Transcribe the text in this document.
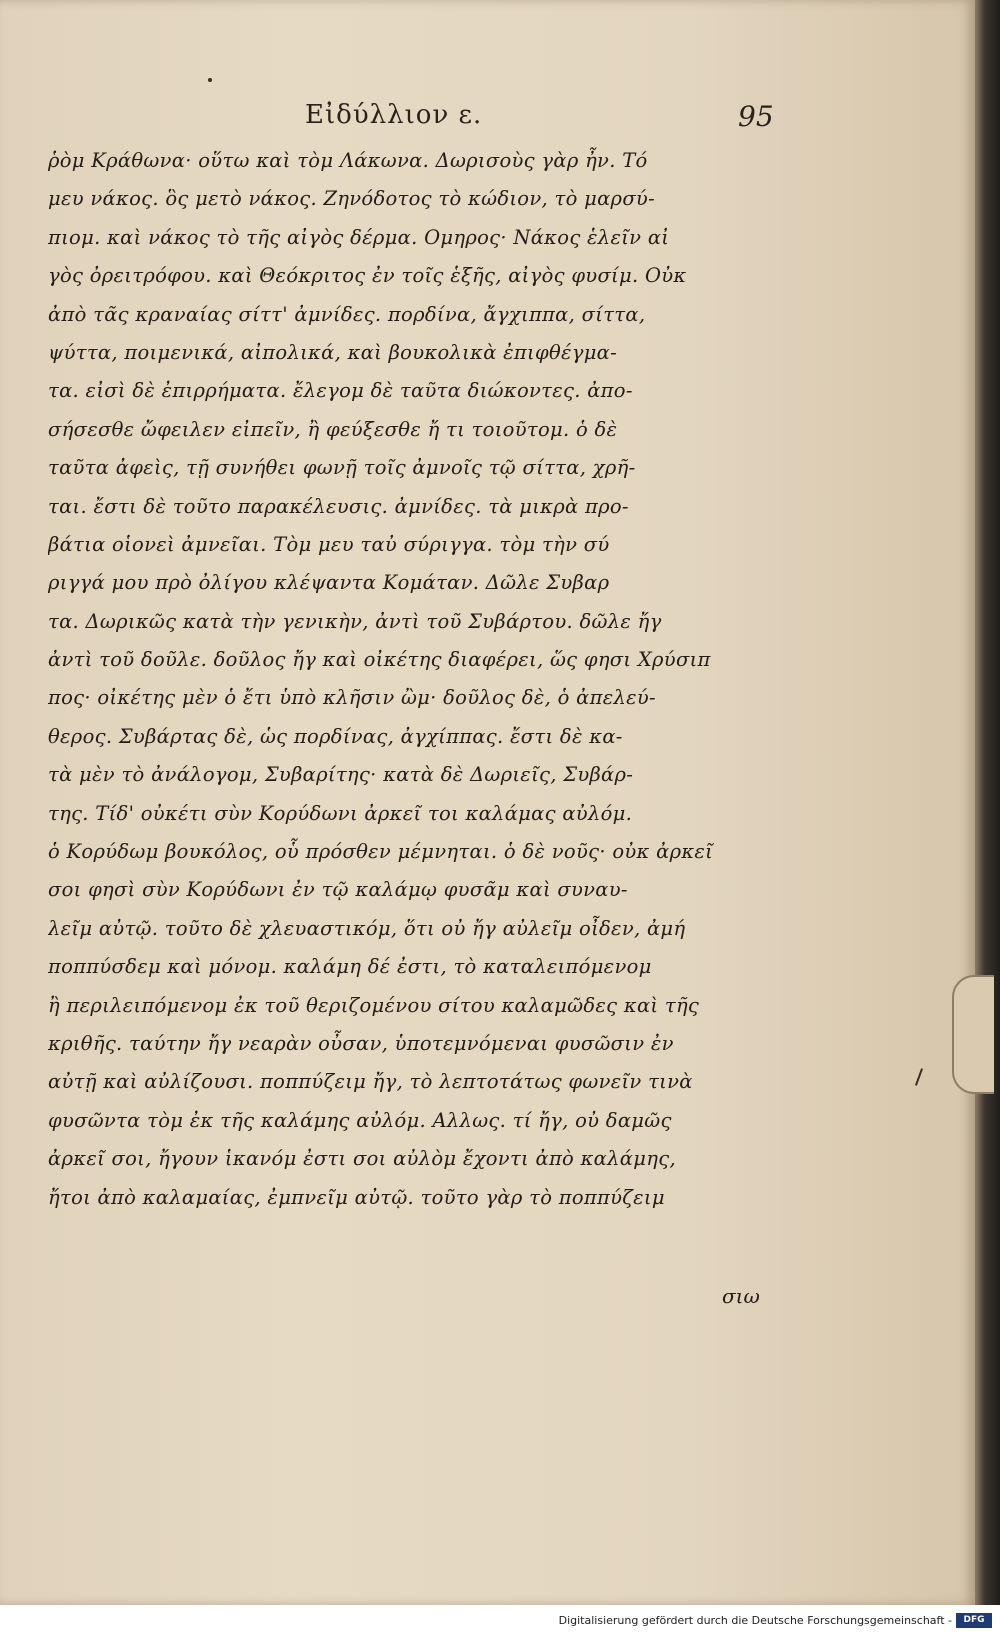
Εἰδύλλιον ε.	95
ῥὸμ Κράθωνα· οὕτω καὶ τὸμ Λάκωνα. Δωρισοὺς γὰρ ἦν. Τό
μευ νάκος. ὃς μετὸ νάκος. Ζηνόδοτος τὸ κώδιον, τὸ μαρσύ-
πιομ. καὶ νάκος τὸ τῆς αἰγὸς δέρμα. Ομηρος· Νάκος ἑλεῖν αἰ
γὸς ὀρειτρόφου. καὶ Θεόκριτος ἐν τοῖς ἑξῆς, αἰγὸς φυσίμ. Οὐκ
ἀπὸ τᾶς κραναίας σίττ' ἀμνίδες. πορδίνα, ἄγχιππα, σίττα,
ψύττα, ποιμενικά, αἰπολικά, καὶ βουκολικὰ ἐπιφθέγμα-
τα. εἰσὶ δὲ ἐπιρρήματα. ἔλεγομ δὲ ταῦτα διώκοντες. ἀπο-
σήσεσθε ὤφειλεν εἰπεῖν, ἢ φεύξεσθε ἤ τι τοιοῦτομ. ὁ δὲ
ταῦτα ἀφεὶς, τῇ συνήθει φωνῇ τοῖς ἀμνοῖς τῷ σίττα, χρῆ-
ται. ἔστι δὲ τοῦτο παρακέλευσις. ἀμνίδες. τὰ μικρὰ προ-
βάτια οἱονεὶ ἀμνεῖαι. Τὸμ μευ ταὐ σύριγγα. τὸμ τὴν σύ
ριγγά μου πρὸ ὀλίγου κλέψαντα Κομάταν. Δῶλε Συβαρ
τα. Δωρικῶς κατὰ τὴν γενικὴν, ἀντὶ τοῦ Συβάρτου. δῶλε ἤγ
ἀντὶ τοῦ δοῦλε. δοῦλος ἤγ καὶ οἰκέτης διαφέρει, ὥς φησι Χρύσιπ
πος· οἰκέτης μὲν ὁ ἔτι ὑπὸ κλῆσιν ὢμ· δοῦλος δὲ, ὁ ἀπελεύ-
θερος. Συβάρτας δὲ, ὡς πορδίνας, ἀγχίππας. ἔστι δὲ κα-
τὰ μὲν τὸ ἀνάλογομ, Συβαρίτης· κατὰ δὲ Δωριεῖς, Συβάρ-
της. Τίδ' οὐκέτι σὺν Κορύδωνι ἀρκεῖ τοι καλάμας αὐλόμ.
ὁ Κορύδωμ βουκόλος, οὗ πρόσθεν μέμνηται. ὁ δὲ νοῦς· οὐκ ἀρκεῖ
σοι φησὶ σὺν Κορύδωνι ἐν τῷ καλάμῳ φυσᾶμ καὶ συναυ-
λεῖμ αὐτῷ. τοῦτο δὲ χλευαστικόμ, ὅτι οὐ ἤγ αὐλεῖμ οἶδεν, ἀμή
ποππύσδεμ καὶ μόνομ. καλάμη δέ ἐστι, τὸ καταλειπόμενομ
ἢ περιλειπόμενομ ἐκ τοῦ θεριζομένου σίτου καλαμῶδες καὶ τῆς
κριθῆς. ταύτην ἤγ νεαρὰν οὖσαν, ὑποτεμνόμεναι φυσῶσιν ἐν
αὐτῇ καὶ αὐλίζουσι. ποππύζειμ ἤγ, τὸ λεπτοτάτως φωνεῖν τινὰ
φυσῶντα τὸμ ἐκ τῆς καλάμης αὐλόμ. Αλλως. τί ἤγ, οὐ δαμῶς
ἀρκεῖ σοι, ἤγουν ἱκανόμ ἐστι σοι αὐλὸμ ἔχοντι ἀπὸ καλάμης,
ἤτοι ἀπὸ καλαμαίας, ἐμπνεῖμ αὐτῷ. τοῦτο γὰρ τὸ ποππύζειμ
σιω
Digitalisierung gefördert durch die Deutsche Forschungsgemeinschaft -	DFG
